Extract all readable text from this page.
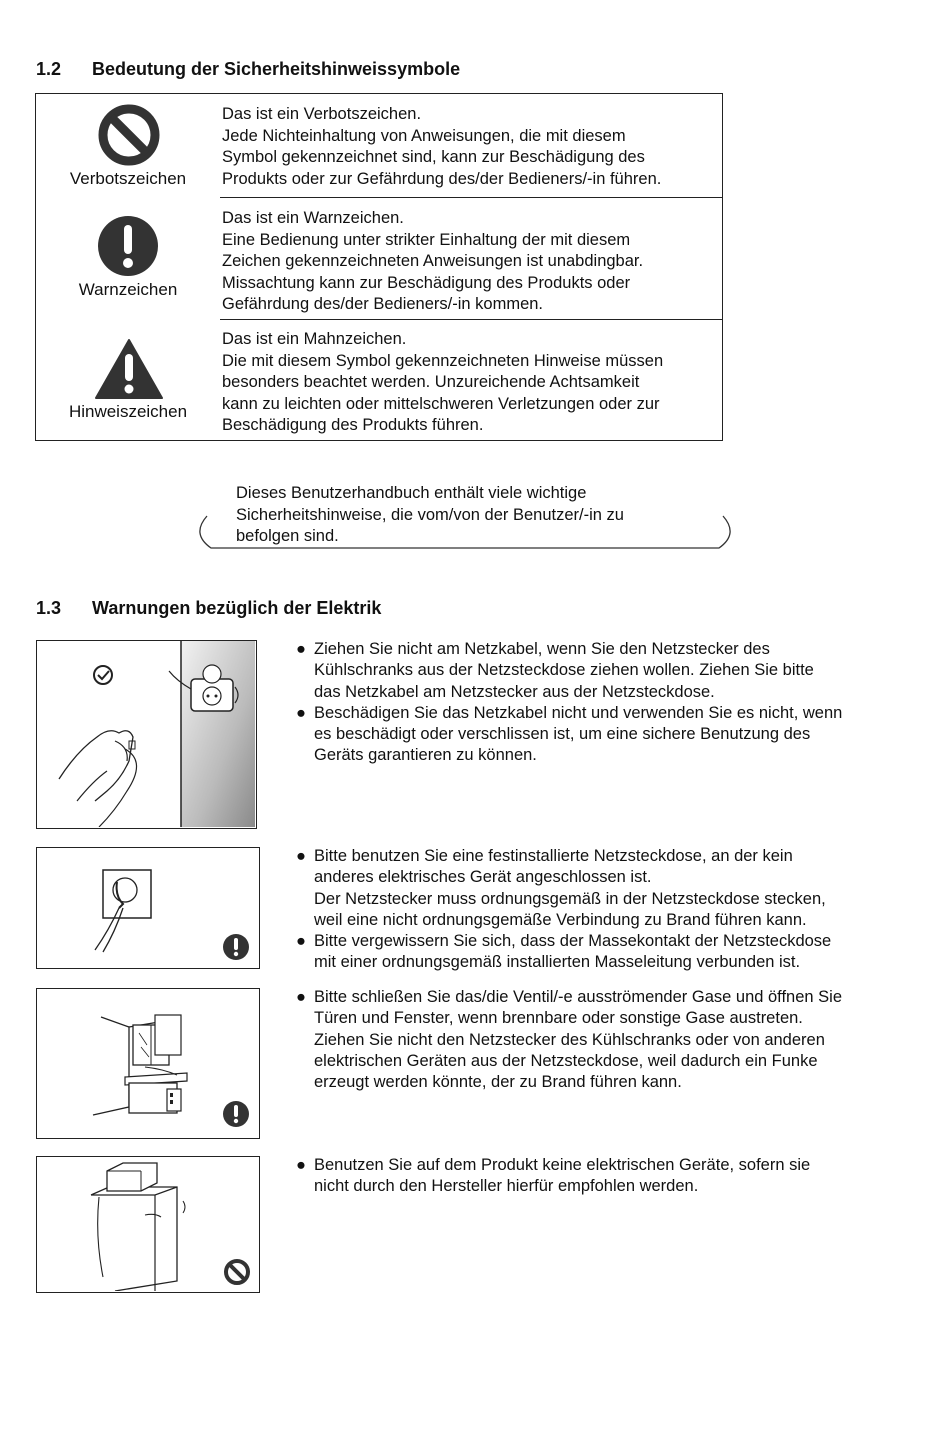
1.2 Bedeutung der Sicherheitshinweissymbole
Verbotszeichen

Das ist ein Verbotszeichen.

Jede Nichteinhaltung von Anweisungen, die mit diesem

Symbol gekennzeichnet sind, kann zur Beschädigung des

Produkts oder zur Gefährdung des/der Bedieners/-in führen.

Warnzeichen

Das ist ein Warnzeichen.

Eine Bedienung unter strikter Einhaltung der mit diesem

Zeichen gekennzeichneten Anweisungen ist unabdingbar.

Missachtung kann zur Beschädigung des Produkts oder

Gefährdung des/der Bedieners/-in kommen.

Hinweiszeichen

Das ist ein Mahnzeichen.

Die mit diesem Symbol gekennzeichneten Hinweise müssen

besonders beachtet werden. Unzureichende Achtsamkeit

kann zu leichten oder mittelschweren Verletzungen oder zur

Beschädigung des Produkts führen.

Dieses Benutzerhandbuch enthält viele wichtige

Sicherheitshinweise, die vom/von der Benutzer/-in zu

befolgen sind.

1.3 Warnungen bezüglich der Elektrik
● Ziehen Sie nicht am Netzkabel, wenn Sie den Netzstecker des

Kühlschranks aus der Netzsteckdose ziehen wollen. Ziehen Sie bitte

das Netzkabel am Netzstecker aus der Netzsteckdose.

● Beschädigen Sie das Netzkabel nicht und verwenden Sie es nicht, wenn

es beschädigt oder verschlissen ist, um eine sichere Benutzung des

Geräts garantieren zu können.

● Bitte benutzen Sie eine festinstallierte Netzsteckdose, an der kein

anderes elektrisches Gerät angeschlossen ist.

Der Netzstecker muss ordnungsgemäß in der Netzsteckdose stecken,

weil eine nicht ordnungsgemäße Verbindung zu Brand führen kann.

● Bitte vergewissern Sie sich, dass der Massekontakt der Netzsteckdose

mit einer ordnungsgemäß installierten Masseleitung verbunden ist.

● Bitte schließen Sie das/die Ventil/-e ausströmender Gase und öffnen Sie

Türen und Fenster, wenn brennbare oder sonstige Gase austreten.

Ziehen Sie nicht den Netzstecker des Kühlschranks oder von anderen

elektrischen Geräten aus der Netzsteckdose, weil dadurch ein Funke

erzeugt werden könnte, der zu Brand führen kann.

● Benutzen Sie auf dem Produkt keine elektrischen Geräte, sofern sie

nicht durch den Hersteller hierfür empfohlen werden.
